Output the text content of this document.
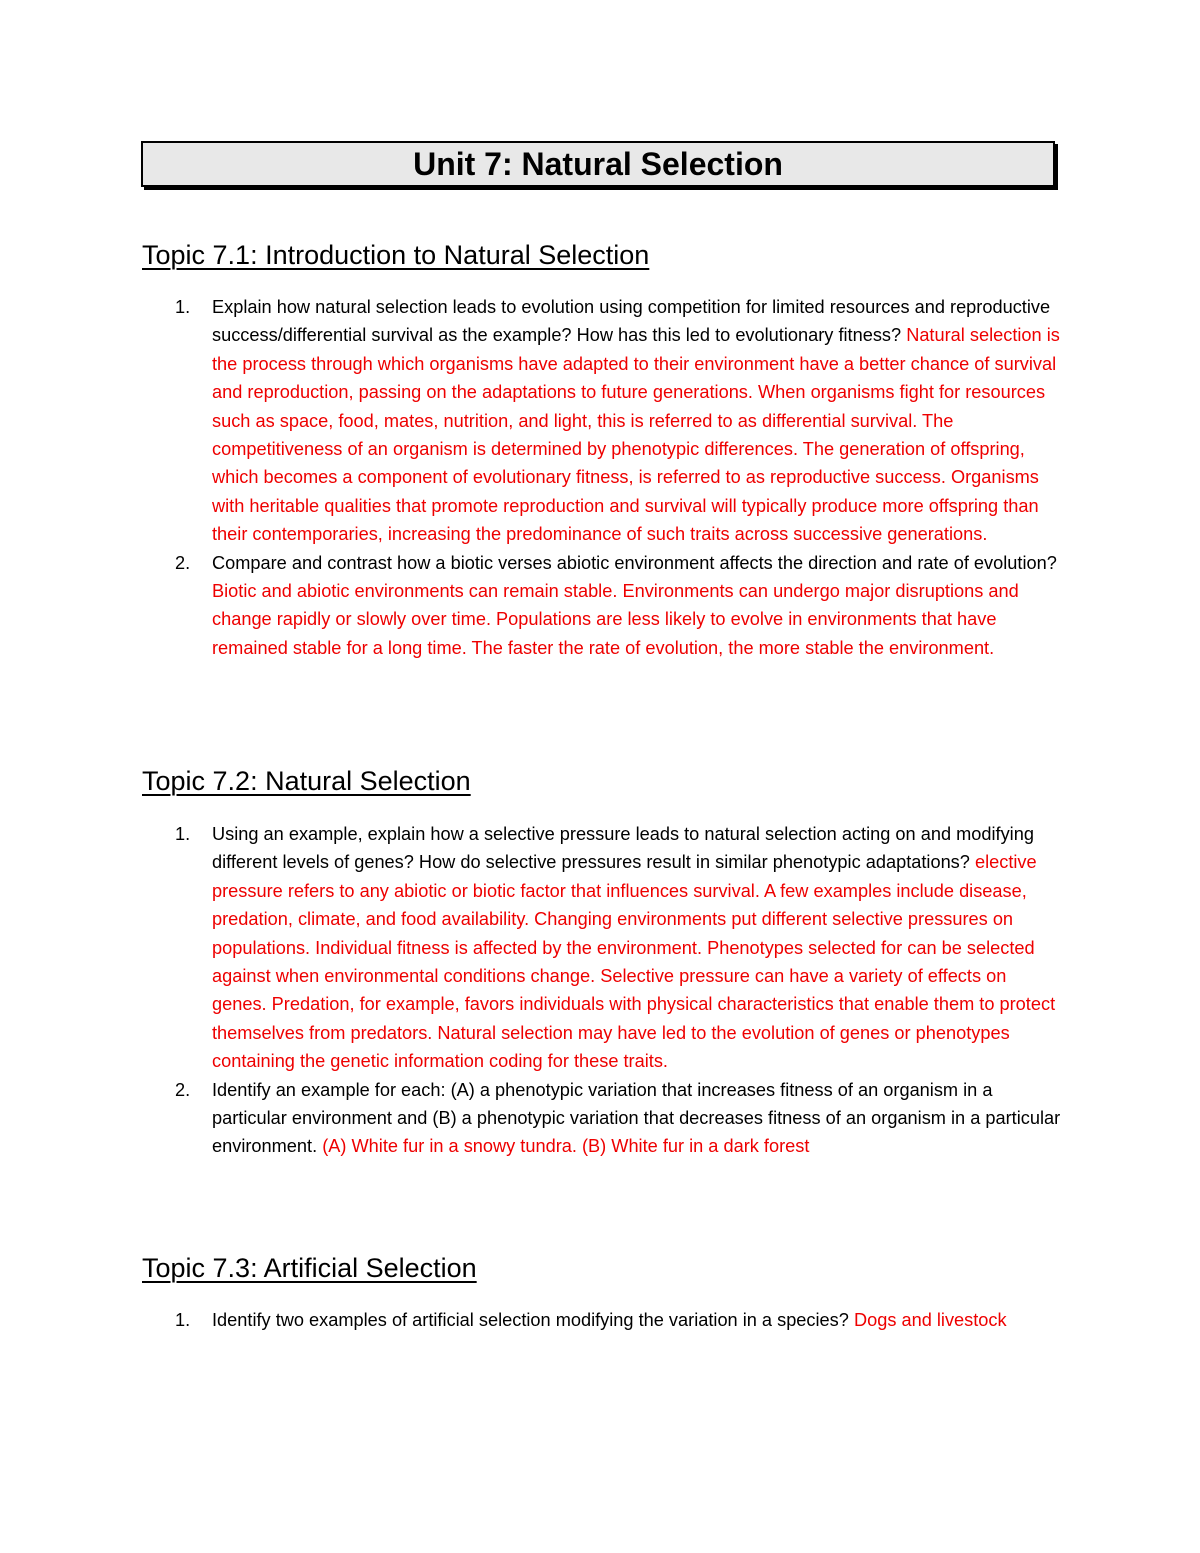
Unit 7: Natural Selection
Topic 7.1: Introduction to Natural Selection
1. Explain how natural selection leads to evolution using competition for limited resources and reproductive success/differential survival as the example? How has this led to evolutionary fitness? Natural selection is the process through which organisms have adapted to their environment have a better chance of survival and reproduction, passing on the adaptations to future generations. When organisms fight for resources such as space, food, mates, nutrition, and light, this is referred to as differential survival. The competitiveness of an organism is determined by phenotypic differences. The generation of offspring, which becomes a component of evolutionary fitness, is referred to as reproductive success. Organisms with heritable qualities that promote reproduction and survival will typically produce more offspring than their contemporaries, increasing the predominance of such traits across successive generations.
2. Compare and contrast how a biotic verses abiotic environment affects the direction and rate of evolution? Biotic and abiotic environments can remain stable. Environments can undergo major disruptions and change rapidly or slowly over time. Populations are less likely to evolve in environments that have remained stable for a long time. The faster the rate of evolution, the more stable the environment.
Topic 7.2: Natural Selection
1. Using an example, explain how a selective pressure leads to natural selection acting on and modifying different levels of genes? How do selective pressures result in similar phenotypic adaptations? elective pressure refers to any abiotic or biotic factor that influences survival. A few examples include disease, predation, climate, and food availability. Changing environments put different selective pressures on populations. Individual fitness is affected by the environment. Phenotypes selected for can be selected against when environmental conditions change. Selective pressure can have a variety of effects on genes. Predation, for example, favors individuals with physical characteristics that enable them to protect themselves from predators. Natural selection may have led to the evolution of genes or phenotypes containing the genetic information coding for these traits.
2. Identify an example for each: (A) a phenotypic variation that increases fitness of an organism in a particular environment and (B) a phenotypic variation that decreases fitness of an organism in a particular environment. (A) White fur in a snowy tundra. (B) White fur in a dark forest
Topic 7.3: Artificial Selection
1. Identify two examples of artificial selection modifying the variation in a species? Dogs and livestock
